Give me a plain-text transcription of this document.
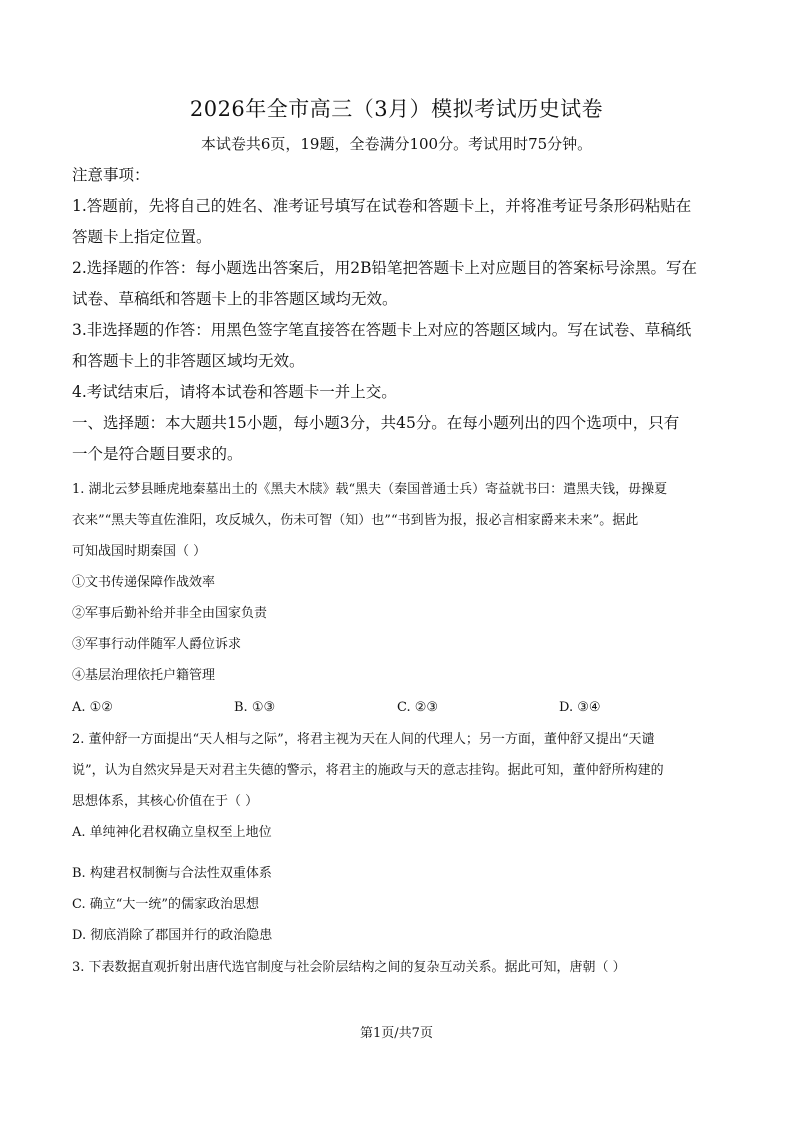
2026年全市高三（3月）模拟考试历史试卷
本试卷共6页，19题，全卷满分100分。考试用时75分钟。
注意事项：
1.答题前，先将自己的姓名、准考证号填写在试卷和答题卡上，并将准考证号条形码粘贴在
答题卡上指定位置。
2.选择题的作答：每小题选出答案后，用2B铅笔把答题卡上对应题目的答案标号涂黑。写在
试卷、草稿纸和答题卡上的非答题区域均无效。
3.非选择题的作答：用黑色签字笔直接答在答题卡上对应的答题区域内。写在试卷、草稿纸
和答题卡上的非答题区域均无效。
4.考试结束后，请将本试卷和答题卡一并上交。
一、选择题：本大题共15小题，每小题3分，共45分。在每小题列出的四个选项中，只有
一个是符合题目要求的。
1. 湖北云梦县睡虎地秦墓出土的《黑夫木牍》载“黑夫（秦国普通士兵）寄益就书曰：遣黑夫钱，毋操夏
衣来”“黑夫等直佐淮阳，攻反城久，伤未可智（知）也”“书到皆为报，报必言相家爵来未来”。据此
可知战国时期秦国（ ）
①文书传递保障作战效率
②军事后勤补给并非全由国家负责
③军事行动伴随军人爵位诉求
④基层治理依托户籍管理
A. ①②	B. ①③	C. ②③	D. ③④
2. 董仲舒一方面提出“天人相与之际”，将君主视为天在人间的代理人；另一方面，董仲舒又提出“天谴
说”，认为自然灾异是天对君主失德的警示，将君主的施政与天的意志挂钩。据此可知，董仲舒所构建的
思想体系，其核心价值在于（ ）
A. 单纯神化君权确立皇权至上地位
B. 构建君权制衡与合法性双重体系
C. 确立“大一统”的儒家政治思想
D. 彻底消除了郡国并行的政治隐患
3. 下表数据直观折射出唐代选官制度与社会阶层结构之间的复杂互动关系。据此可知，唐朝（ ）
第1页/共7页
